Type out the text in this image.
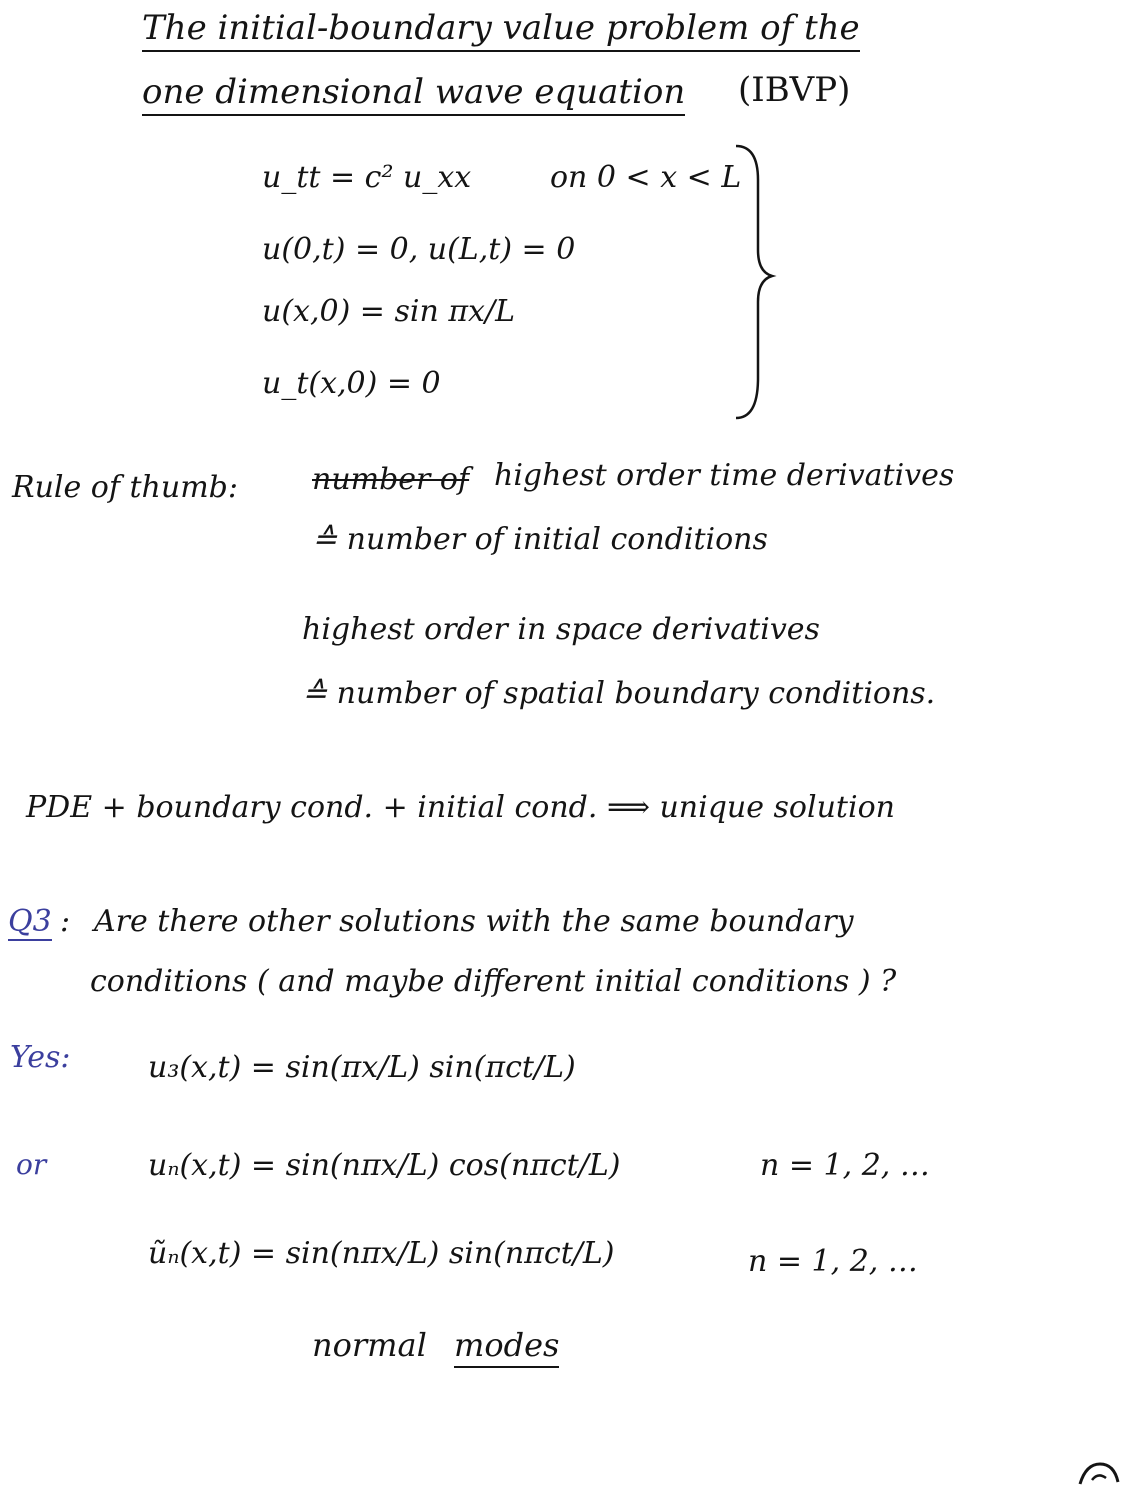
The initial-boundary value problem of the
one dimensional wave equation (IBVP)
u_tt = c² u_xx	on 0 < x < L
u(0,t) = 0, u(L,t) = 0
u(x,0) = sin πx/L
u_t(x,0) = 0
Rule of thumb: number of highest order time derivatives
≙ number of initial conditions
highest order in space derivatives
≙ number of spatial boundary conditions.
PDE + boundary cond. + initial cond. ⟹ unique solution
Q3 : Are there other solutions with the same boundary
conditions ( and maybe different initial conditions ) ?
Yes:	u₃(x,t) = sin(πx/L) sin(πct/L)
or	uₙ(x,t) = sin(nπx/L) cos(nπct/L)	n = 1, 2, …
ũₙ(x,t) = sin(nπx/L) sin(nπct/L)	n = 1, 2, …
normal modes
